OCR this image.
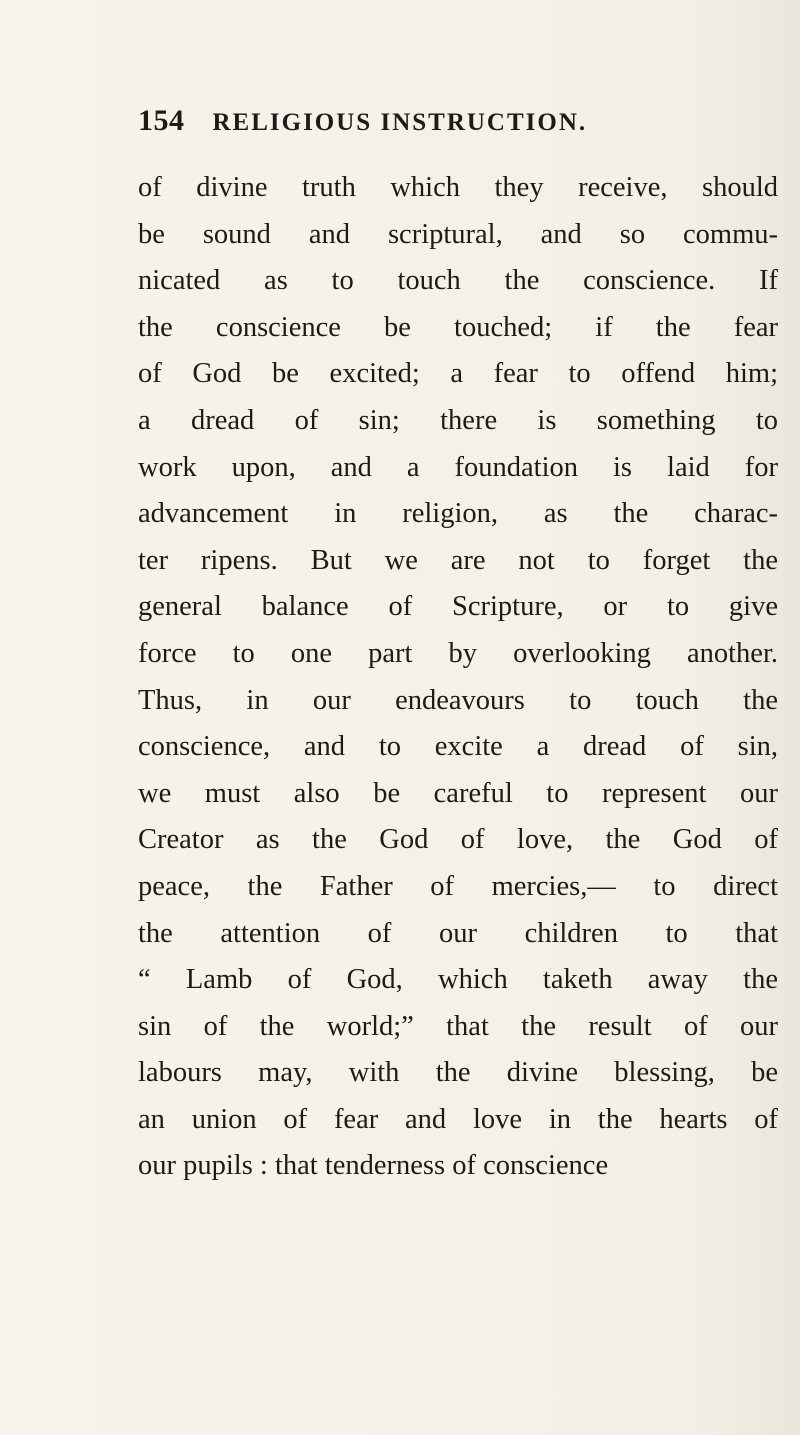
154 RELIGIOUS INSTRUCTION.
of divine truth which they receive, should
be sound and scriptural, and so commu-
nicated as to touch the conscience. If
the conscience be touched; if the fear
of God be excited; a fear to offend him;
a dread of sin; there is something to
work upon, and a foundation is laid for
advancement in religion, as the charac-
ter ripens. But we are not to forget the
general balance of Scripture, or to give
force to one part by overlooking another.
Thus, in our endeavours to touch the
conscience, and to excite a dread of sin,
we must also be careful to represent our
Creator as the God of love, the God of
peace, the Father of mercies,— to direct
the attention of our children to that
“ Lamb of God, which taketh away the
sin of the world;” that the result of our
labours may, with the divine blessing, be
an union of fear and love in the hearts of
our pupils : that tenderness of conscience
